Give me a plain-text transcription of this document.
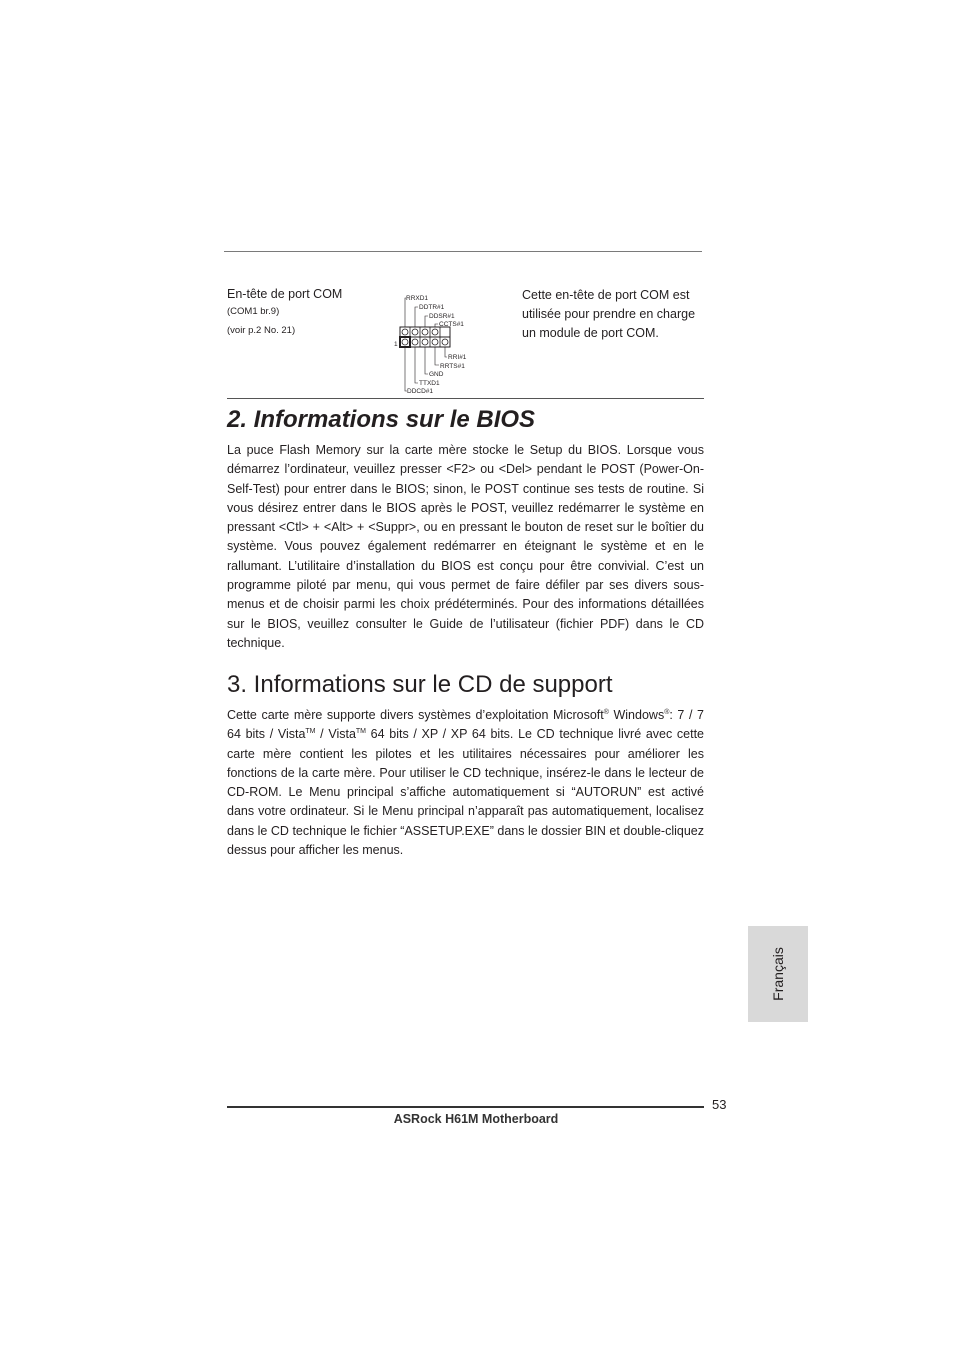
En-tête de port COM
(COM1 br.9)
(voir p.2 No. 21)
RRXD1
DDTR#1
DDSR#1
CCTS#1
1
RRI#1
RRTS#1
GND
TTXD1
DDCD#1
Cette en-tête de port COM est
utilisée pour prendre en charge
un module de port COM.
2. Informations sur le BIOS
La puce Flash Memory sur la carte mère stocke le Setup du BIOS. Lorsque vous démarrez l’ordinateur, veuillez presser <F2> ou <Del> pendant le POST (Power-On-Self-Test) pour entrer dans le BIOS; sinon, le POST continue ses tests de routine. Si vous désirez entrer dans le BIOS après le POST, veuillez redémarrer le système en pressant <Ctl> + <Alt> + <Suppr>, ou en pressant le bouton de reset sur le boîtier du système. Vous pouvez également redémarrer en éteignant le système et en le rallumant. L’utilitaire d’installation du BIOS est conçu pour être convivial. C’est un programme piloté par menu, qui vous permet de faire défiler par ses divers sous-menus et de choisir parmi les choix prédéterminés. Pour des informations détaillées sur le BIOS, veuillez consulter le Guide de l’utilisateur (fichier PDF) dans le CD technique.
3. Informations sur le CD de support
Cette carte mère supporte divers systèmes d’exploitation Microsoft® Windows®: 7 / 7 64 bits / Vista™ / Vista™ 64 bits / XP / XP 64 bits. Le CD technique livré avec cette carte mère contient les pilotes et les utilitaires nécessaires pour améliorer les fonctions de la carte mère. Pour utiliser le CD technique, insérez-le dans le lecteur de CD-ROM. Le Menu principal s’affiche automatiquement si “AUTORUN” est activé dans votre ordinateur. Si le Menu principal n’apparaît pas automatiquement, localisez dans le CD technique le fichier “ASSETUP.EXE” dans le dossier BIN et double-cliquez dessus pour afficher les menus.
Français
53
ASRock H61M Motherboard
